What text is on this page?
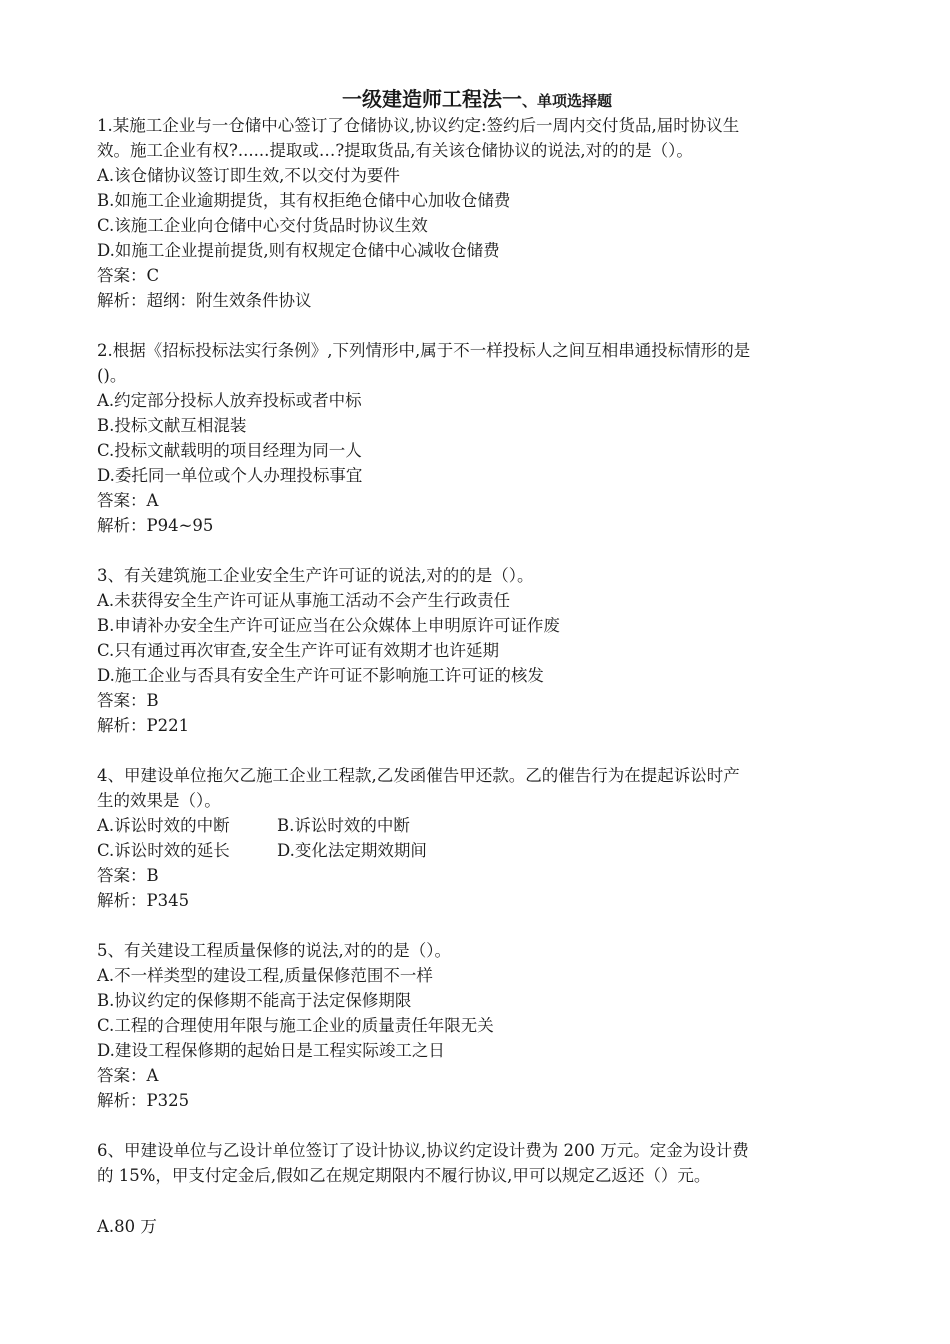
一级建造师工程法一、单项选择题
1.某施工企业与一仓储中心签订了仓储协议,协议约定:签约后一周内交付货品,届时协议生
效。施工企业有权?......提取或…?提取货品,有关该仓储协议的说法,对的的是（）。
A.该仓储协议签订即生效,不以交付为要件
B.如施工企业逾期提货，其有权拒绝仓储中心加收仓储费
C.该施工企业向仓储中心交付货品时协议生效
D.如施工企业提前提货,则有权规定仓储中心减收仓储费
答案：C
解析：超纲：附生效条件协议
2.根据《招标投标法实行条例》,下列情形中,属于不一样投标人之间互相串通投标情形的是
()。
A.约定部分投标人放弃投标或者中标
B.投标文献互相混装
C.投标文献载明的项目经理为同一人
D.委托同一单位或个人办理投标事宜
答案：A
解析：P94~95
3、有关建筑施工企业安全生产许可证的说法,对的的是（）。
A.未获得安全生产许可证从事施工活动不会产生行政责任
B.申请补办安全生产许可证应当在公众媒体上申明原许可证作废
C.只有通过再次审查,安全生产许可证有效期才也许延期
D.施工企业与否具有安全生产许可证不影响施工许可证的核发
答案：B
解析：P221
4、甲建设单位拖欠乙施工企业工程款,乙发函催告甲还款。乙的催告行为在提起诉讼时产
生的效果是（）。
A.诉讼时效的中断	B.诉讼时效的中断
C.诉讼时效的延长	D.变化法定期效期间
答案：B
解析：P345
5、有关建设工程质量保修的说法,对的的是（）。
A.不一样类型的建设工程,质量保修范围不一样
B.协议约定的保修期不能高于法定保修期限
C.工程的合理使用年限与施工企业的质量责任年限无关
D.建设工程保修期的起始日是工程实际竣工之日
答案：A
解析：P325
6、甲建设单位与乙设计单位签订了设计协议,协议约定设计费为 200 万元。定金为设计费
的 15%，甲支付定金后,假如乙在规定期限内不履行协议,甲可以规定乙返还（）元。
A.80 万
